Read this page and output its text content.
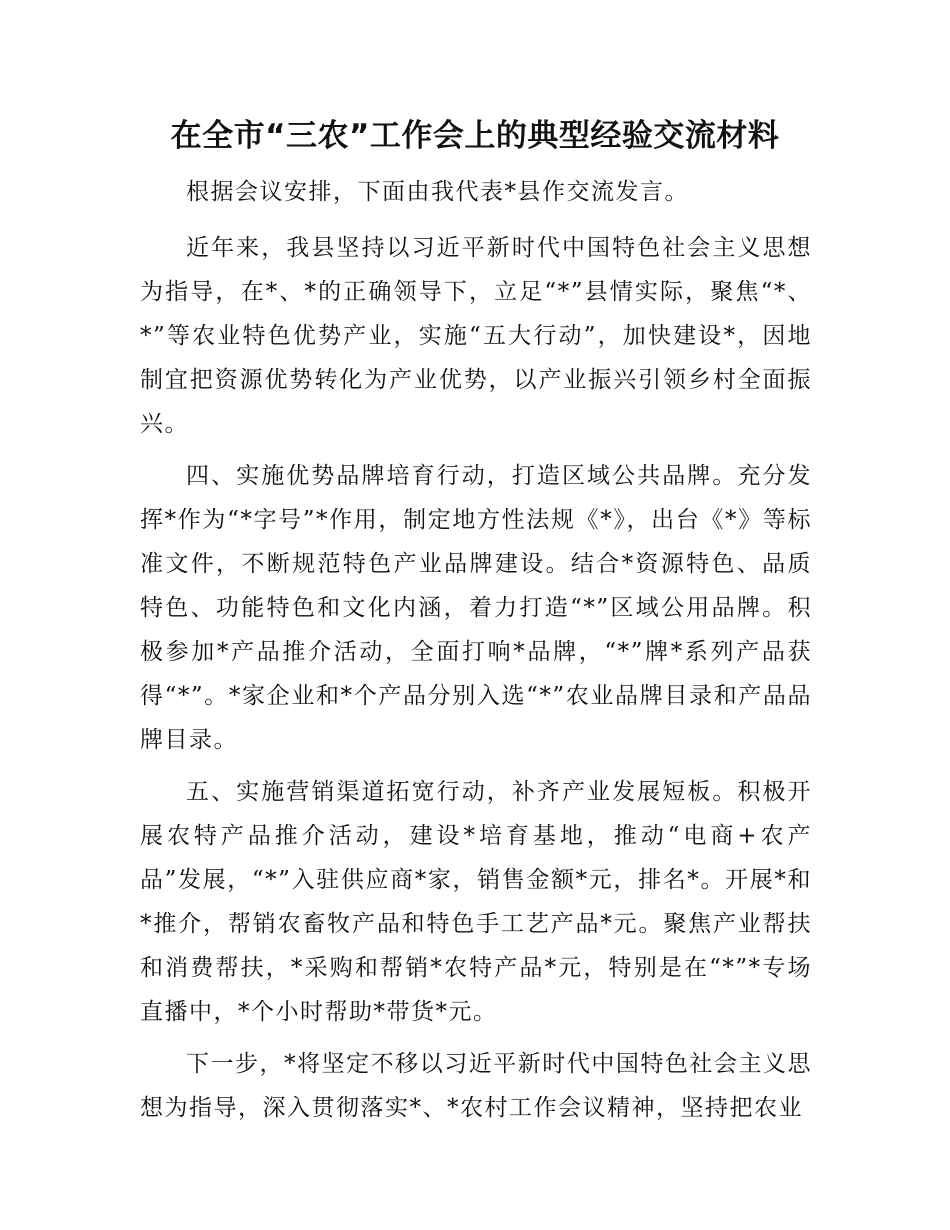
在全市“三农”工作会上的典型经验交流材料

根据会议安排，下面由我代表*县作交流发言。

近年来，我县坚持以习近平新时代中国特色社会主义思想为指导，在*、*的正确领导下，立足“*”县情实际，聚焦“*、*”等农业特色优势产业，实施“五大行动”，加快建设*，因地制宜把资源优势转化为产业优势，以产业振兴引领乡村全面振兴。

四、实施优势品牌培育行动，打造区域公共品牌。充分发挥*作为“*字号”*作用，制定地方性法规《*》，出台《*》等标准文件，不断规范特色产业品牌建设。结合*资源特色、品质特色、功能特色和文化内涵，着力打造“*”区域公用品牌。积极参加*产品推介活动，全面打响*品牌，“*”牌*系列产品获得“*”。*家企业和*个产品分别入选“*”农业品牌目录和产品品牌目录。

五、实施营销渠道拓宽行动，补齐产业发展短板。积极开展农特产品推介活动，建设*培育基地，推动“电商+农产品”发展，“*”入驻供应商*家，销售金额*元，排名*。开展*和*推介，帮销农畜牧产品和特色手工艺产品*元。聚焦产业帮扶和消费帮扶，*采购和帮销*农特产品*元，特别是在“*”*专场直播中，*个小时帮助*带货*元。

下一步，*将坚定不移以习近平新时代中国特色社会主义思想为指导，深入贯彻落实*、*农村工作会议精神，坚持把农业
